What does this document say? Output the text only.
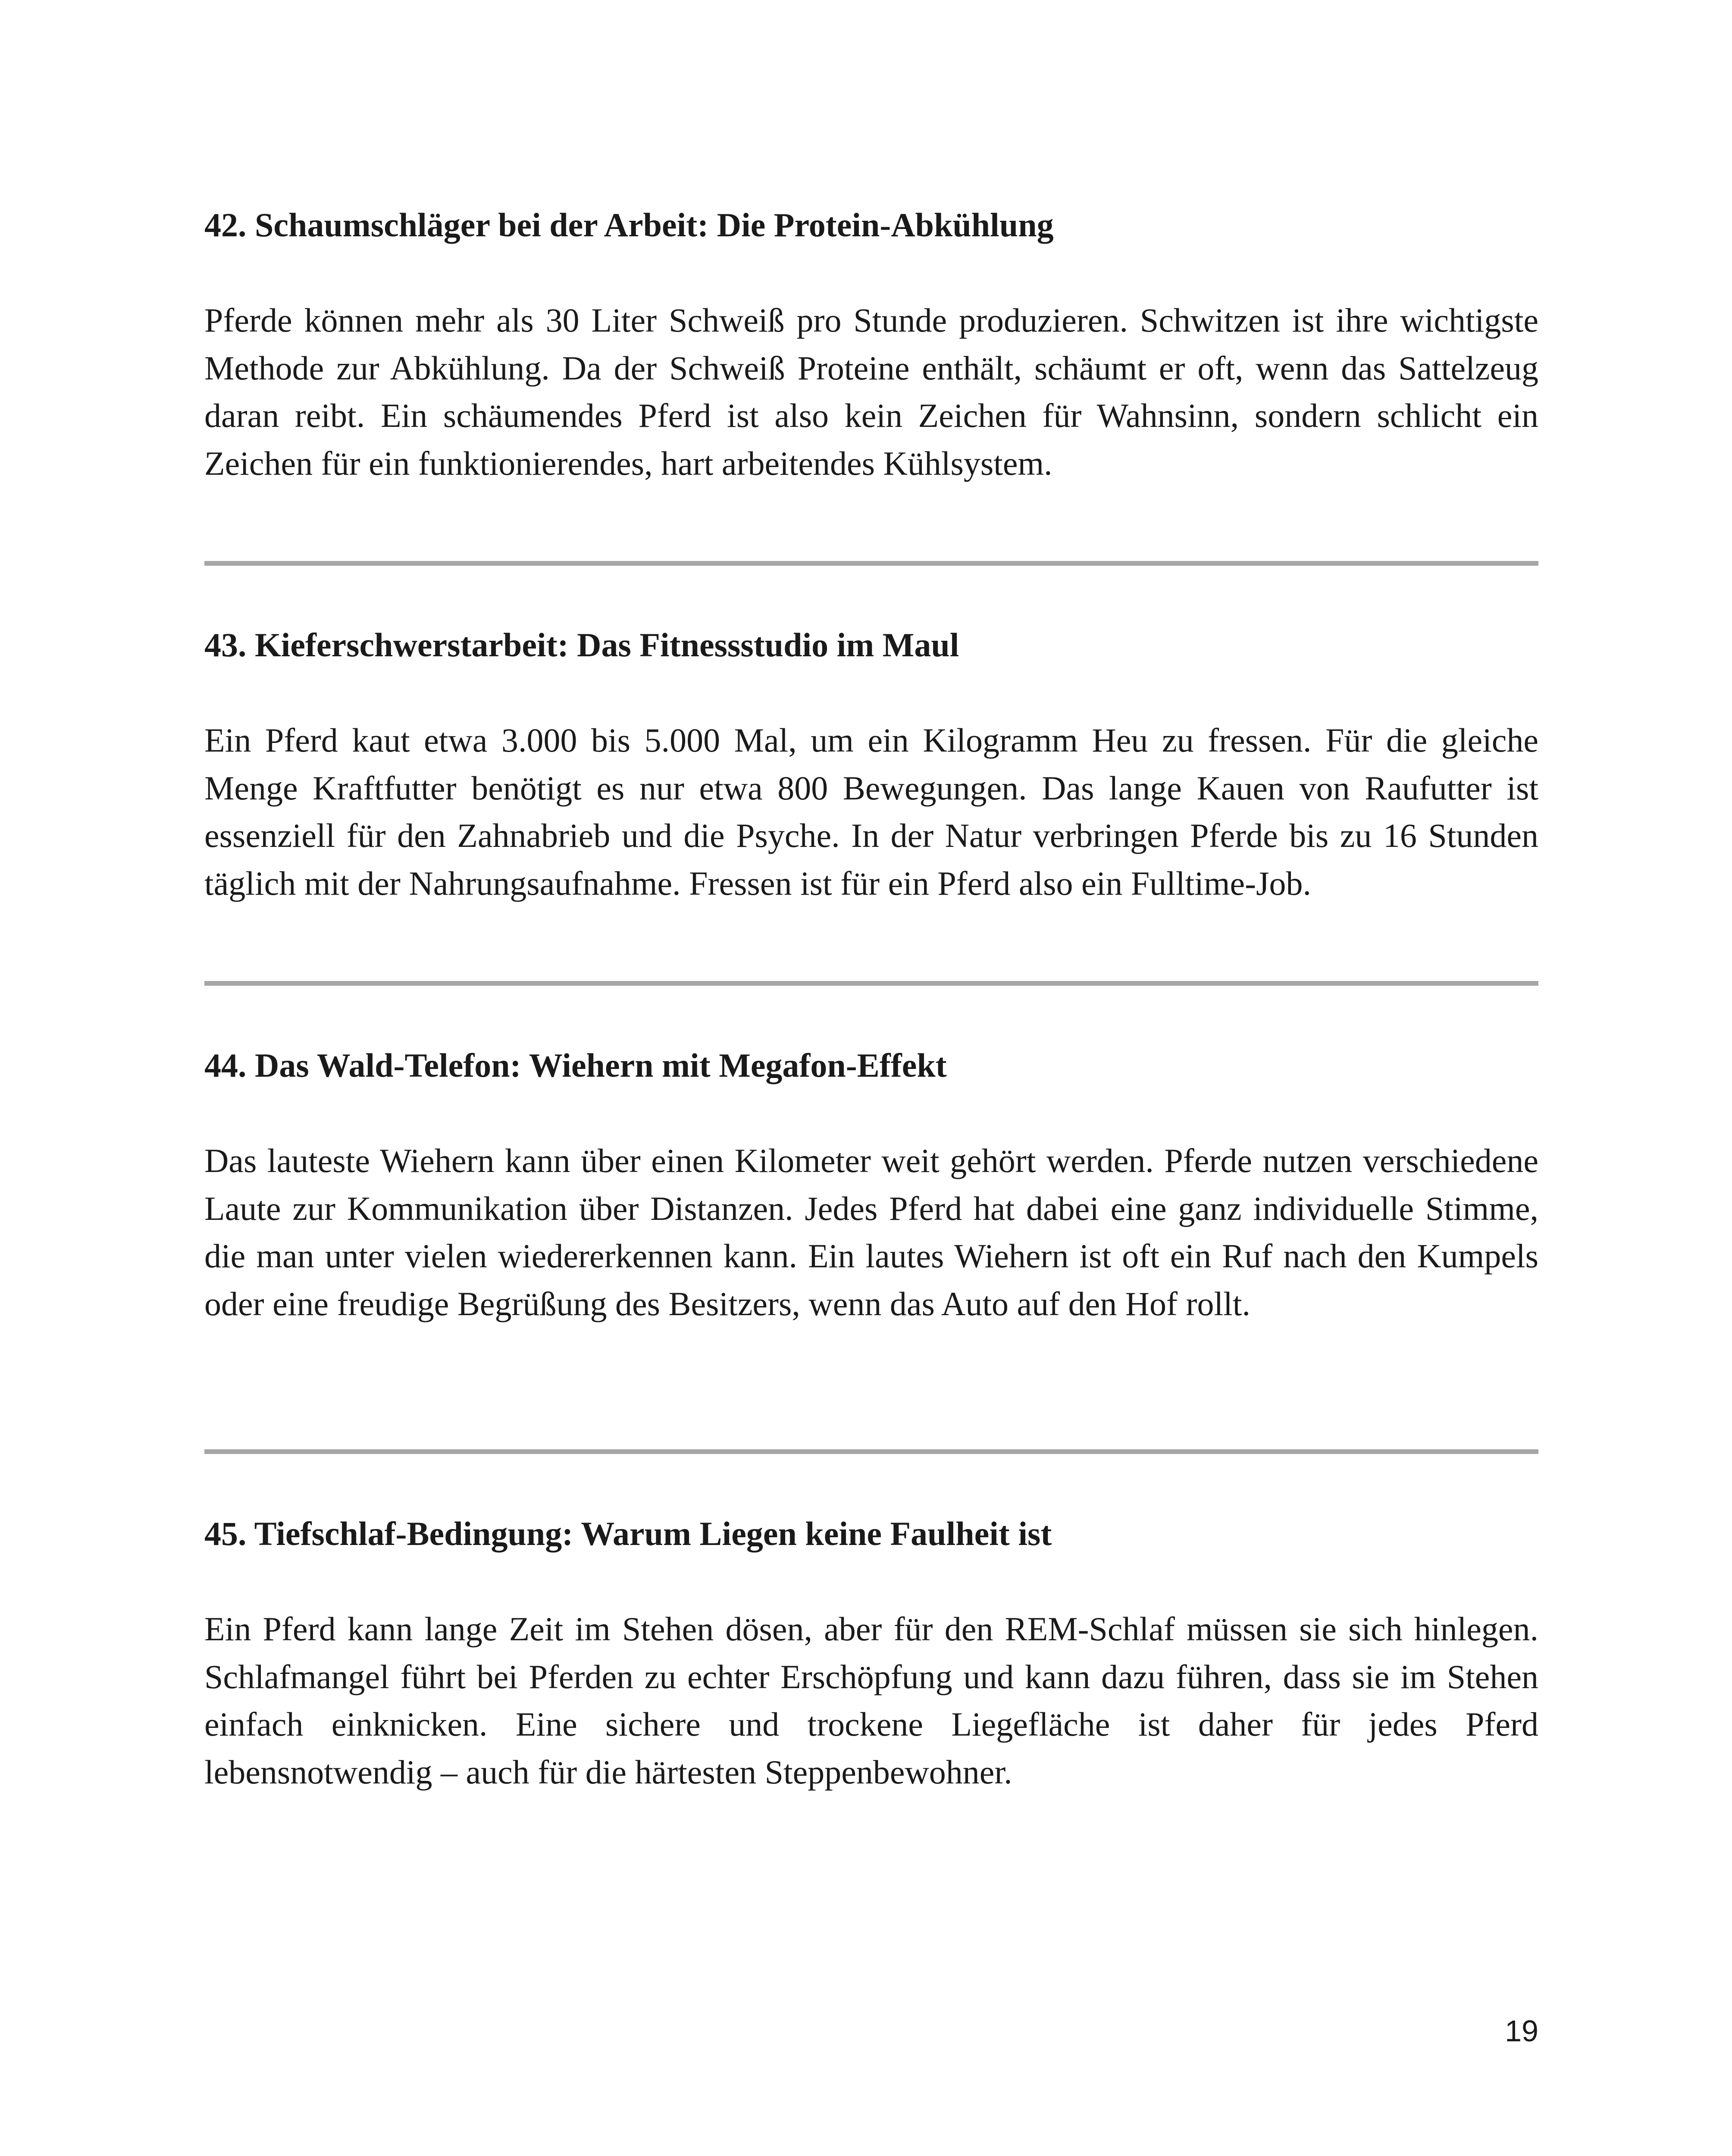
42. Schaumschläger bei der Arbeit: Die Protein-Abkühlung

Pferde können mehr als 30 Liter Schweiß pro Stunde produzieren. Schwitzen ist ihre wichtigste Methode zur Abkühlung. Da der Schweiß Proteine enthält, schäumt er oft, wenn das Sattelzeug daran reibt. Ein schäumendes Pferd ist also kein Zeichen für Wahnsinn, sondern schlicht ein Zeichen für ein funktionierendes, hart arbeitendes Kühlsystem.

43. Kieferschwerstarbeit: Das Fitnessstudio im Maul

Ein Pferd kaut etwa 3.000 bis 5.000 Mal, um ein Kilogramm Heu zu fressen. Für die gleiche Menge Kraftfutter benötigt es nur etwa 800 Bewegungen. Das lange Kauen von Raufutter ist essenziell für den Zahnabrieb und die Psyche. In der Natur verbringen Pferde bis zu 16 Stunden täglich mit der Nahrungsaufnahme. Fressen ist für ein Pferd also ein Fulltime-Job.

44. Das Wald-Telefon: Wiehern mit Megafon-Effekt

Das lauteste Wiehern kann über einen Kilometer weit gehört werden. Pferde nutzen verschiedene Laute zur Kommunikation über Distanzen. Jedes Pferd hat dabei eine ganz individuelle Stimme, die man unter vielen wiedererkennen kann. Ein lautes Wiehern ist oft ein Ruf nach den Kumpels oder eine freudige Begrüßung des Besitzers, wenn das Auto auf den Hof rollt.

45. Tiefschlaf-Bedingung: Warum Liegen keine Faulheit ist

Ein Pferd kann lange Zeit im Stehen dösen, aber für den REM-Schlaf müssen sie sich hinlegen. Schlafmangel führt bei Pferden zu echter Erschöpfung und kann dazu führen, dass sie im Stehen einfach einknicken. Eine sichere und trockene Liegefläche ist daher für jedes Pferd lebensnotwendig – auch für die härtesten Steppenbewohner.

19
